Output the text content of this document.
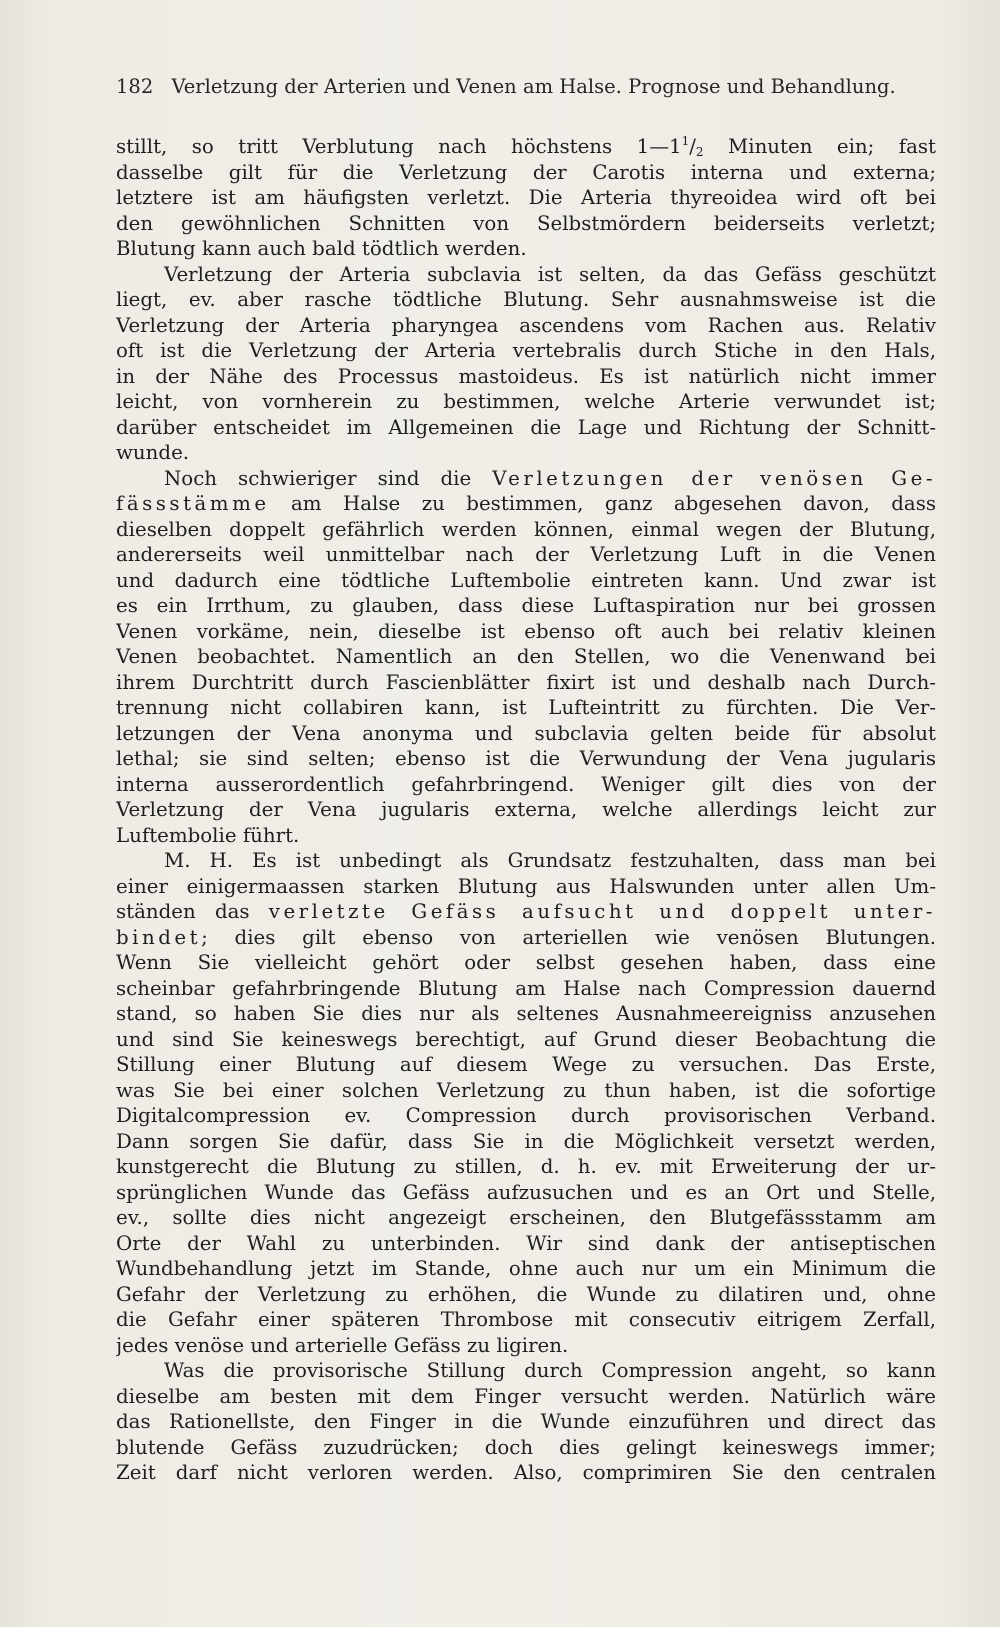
182 Verletzung der Arterien und Venen am Halse. Prognose und Behandlung.
stillt, so tritt Verblutung nach höchstens $1—1^1/_2$ Minuten ein; fast
dasselbe gilt für die Verletzung der Carotis interna und externa;
letztere ist am häufigsten verletzt. Die Arteria thyreoidea wird oft bei
den gewöhnlichen Schnitten von Selbstmördern beiderseits verletzt;
Blutung kann auch bald tödtlich werden.
Verletzung der Arteria subclavia ist selten, da das Gefäss geschützt
liegt, ev. aber rasche tödtliche Blutung. Sehr ausnahmsweise ist die
Verletzung der Arteria pharyngea ascendens vom Rachen aus. Relativ
oft ist die Verletzung der Arteria vertebralis durch Stiche in den Hals,
in der Nähe des Processus mastoideus. Es ist natürlich nicht immer
leicht, von vornherein zu bestimmen, welche Arterie verwundet ist;
darüber entscheidet im Allgemeinen die Lage und Richtung der Schnitt-
wunde.
Noch schwieriger sind die Verletzungen der venösen Ge-
fässstämme am Halse zu bestimmen, ganz abgesehen davon, dass
dieselben doppelt gefährlich werden können, einmal wegen der Blutung,
andererseits weil unmittelbar nach der Verletzung Luft in die Venen
und dadurch eine tödtliche Luftembolie eintreten kann. Und zwar ist
es ein Irrthum, zu glauben, dass diese Luftaspiration nur bei grossen
Venen vorkäme, nein, dieselbe ist ebenso oft auch bei relativ kleinen
Venen beobachtet. Namentlich an den Stellen, wo die Venenwand bei
ihrem Durchtritt durch Fascienblätter fixirt ist und deshalb nach Durch-
trennung nicht collabiren kann, ist Lufteintritt zu fürchten. Die Ver-
letzungen der Vena anonyma und subclavia gelten beide für absolut
lethal; sie sind selten; ebenso ist die Verwundung der Vena jugularis
interna ausserordentlich gefahrbringend. Weniger gilt dies von der
Verletzung der Vena jugularis externa, welche allerdings leicht zur
Luftembolie führt.
M. H. Es ist unbedingt als Grundsatz festzuhalten, dass man bei
einer einigermaassen starken Blutung aus Halswunden unter allen Um-
ständen das verletzte Gefäss aufsucht und doppelt unter-
bindet; dies gilt ebenso von arteriellen wie venösen Blutungen.
Wenn Sie vielleicht gehört oder selbst gesehen haben, dass eine
scheinbar gefahrbringende Blutung am Halse nach Compression dauernd
stand, so haben Sie dies nur als seltenes Ausnahmeereigniss anzusehen
und sind Sie keineswegs berechtigt, auf Grund dieser Beobachtung die
Stillung einer Blutung auf diesem Wege zu versuchen. Das Erste,
was Sie bei einer solchen Verletzung zu thun haben, ist die sofortige
Digitalcompression ev. Compression durch provisorischen Verband.
Dann sorgen Sie dafür, dass Sie in die Möglichkeit versetzt werden,
kunstgerecht die Blutung zu stillen, d. h. ev. mit Erweiterung der ur-
sprünglichen Wunde das Gefäss aufzusuchen und es an Ort und Stelle,
ev., sollte dies nicht angezeigt erscheinen, den Blutgefässstamm am
Orte der Wahl zu unterbinden. Wir sind dank der antiseptischen
Wundbehandlung jetzt im Stande, ohne auch nur um ein Minimum die
Gefahr der Verletzung zu erhöhen, die Wunde zu dilatiren und, ohne
die Gefahr einer späteren Thrombose mit consecutiv eitrigem Zerfall,
jedes venöse und arterielle Gefäss zu ligiren.
Was die provisorische Stillung durch Compression angeht, so kann
dieselbe am besten mit dem Finger versucht werden. Natürlich wäre
das Rationellste, den Finger in die Wunde einzuführen und direct das
blutende Gefäss zuzudrücken; doch dies gelingt keineswegs immer;
Zeit darf nicht verloren werden. Also, comprimiren Sie den centralen
